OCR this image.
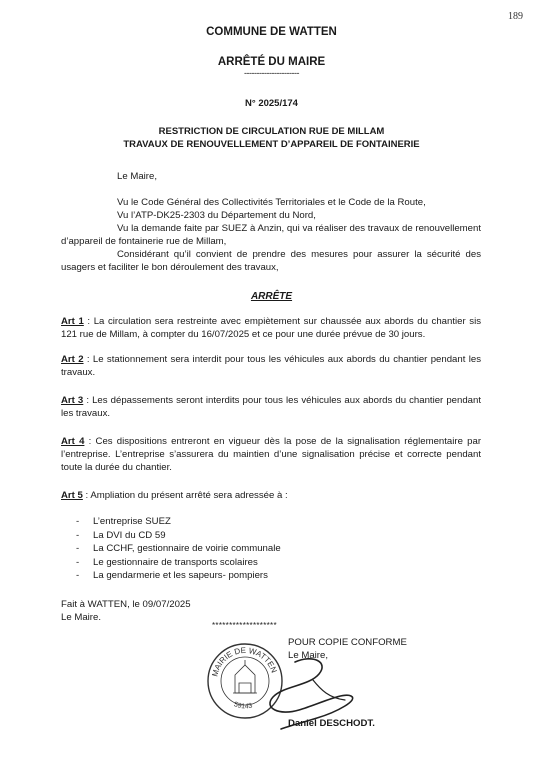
189
COMMUNE DE WATTEN
ARRÊTÉ DU MAIRE
----------------------
N° 2025/174
RESTRICTION DE CIRCULATION RUE DE MILLAM
TRAVAUX DE RENOUVELLEMENT D’APPAREIL DE FONTAINERIE
Le Maire,
Vu le Code Général des Collectivités Territoriales et le Code de la Route,
Vu l’ATP-DK25-2303 du Département du Nord,
Vu la demande faite par SUEZ à Anzin, qui va réaliser des travaux de renouvellement d’appareil de fontainerie rue de Millam,
Considérant qu’il convient de prendre des mesures pour assurer la sécurité des usagers et faciliter le bon déroulement des travaux,
ARRÊTE
Art 1 : La circulation sera restreinte avec empiètement sur chaussée aux abords du chantier sis 121 rue de Millam, à compter du 16/07/2025 et ce pour une durée prévue de 30 jours.
Art 2 : Le stationnement sera interdit pour tous les véhicules aux abords du chantier pendant les travaux.
Art 3 : Les dépassements seront interdits pour tous les véhicules aux abords du chantier pendant les travaux.
Art 4 : Ces dispositions entreront en vigueur dès la pose de la signalisation réglementaire par l’entreprise. L’entreprise s’assurera du maintien d’une signalisation précise et correcte pendant toute la durée du chantier.
Art 5 : Ampliation du présent arrêté sera adressée à :
- L’entreprise SUEZ
- La DVI du CD 59
- La CCHF, gestionnaire de voirie communale
- Le gestionnaire de transports scolaires
- La gendarmerie et les sapeurs- pompiers
Fait à WATTEN, le 09/07/2025
Le Maire.
*******************
POUR COPIE CONFORME
Le Maire,
MAIRIE DE WATTEN
59143
Daniel DESCHODT.
